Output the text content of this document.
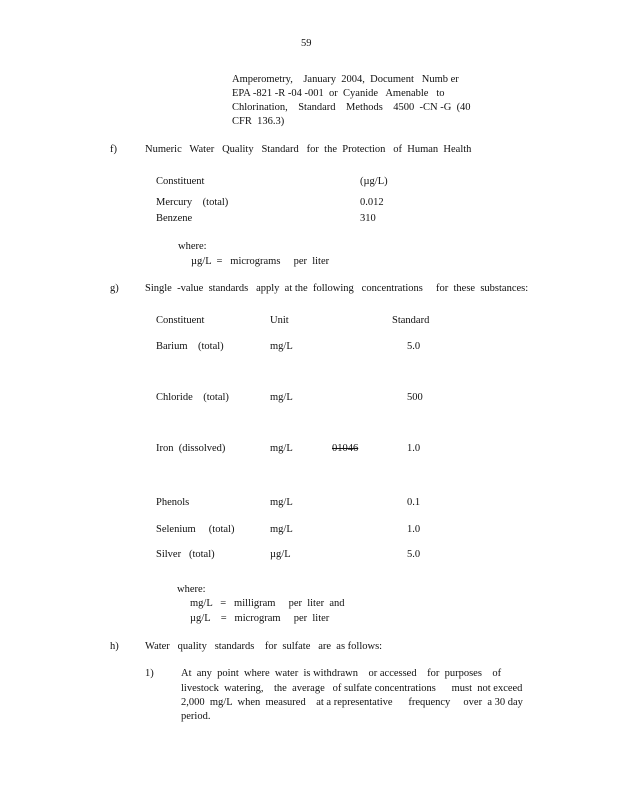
59
Amperometry,    January  2004,  Document   Numb er
EPA -821 -R -04 -001  or  Cyanide   Amenable   to
Chlorination,    Standard    Methods    4500  -CN -G  (40
CFR  136.3)
f)	Numeric   Water   Quality   Standard   for  the  Protection   of  Human  Health
Constituent	(µg/L)
Mercury    (total)	0.012
Benzene	310
where:
µg/L  =   micrograms     per  liter
g)	Single  -value  standards   apply  at the  following   concentrations     for  these  substances:
Constituent	Unit	Standard
Barium    (total)	mg/L	5.0
Chloride    (total)	mg/L	500
Iron  (dissolved)	mg/L	01046	1.0
Phenols	mg/L	0.1
Selenium     (total)	mg/L	1.0
Silver   (total)	µg/L	5.0
where:
mg/L   =   milligram     per  liter  and
µg/L    =   microgram     per  liter
h)	Water   quality   standards    for  sulfate   are  as follows:
1)	At  any  point  where  water  is withdrawn    or accessed    for  purposes    of
livestock  watering,    the  average   of sulfate concentrations      must  not exceed
2,000  mg/L  when  measured    at a representative      frequency     over  a 30 day
period.
